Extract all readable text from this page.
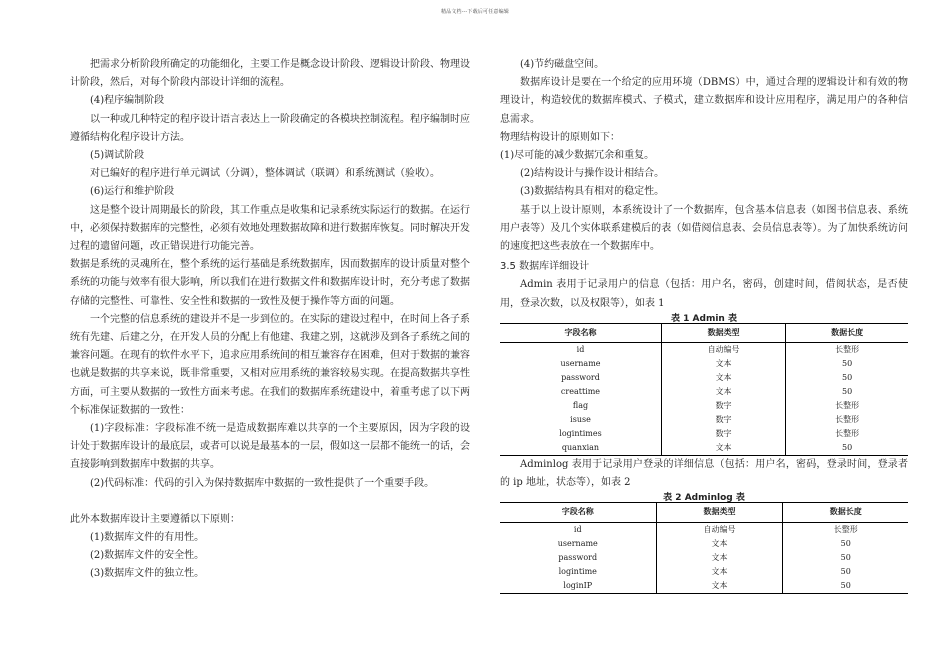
精品文档---下载后可任意编辑

把需求分析阶段所确定的功能细化，主要工作是概念设计阶段、逻辑设计阶段、物理设计阶段，然后，对每个阶段内部设计详细的流程。

(4)程序编制阶段

以一种或几种特定的程序设计语言表达上一阶段确定的各模块控制流程。程序编制时应遵循结构化程序设计方法。

(5)调试阶段

对已编好的程序进行单元调试（分调），整体调试（联调）和系统测试（验收）。

(6)运行和维护阶段

这是整个设计周期最长的阶段，其工作重点是收集和记录系统实际运行的数据。在运行中，必须保持数据库的完整性，必须有效地处理数据故障和进行数据库恢复。同时解决开发过程的遗留问题，改正错误进行功能完善。

数据是系统的灵魂所在，整个系统的运行基础是系统数据库，因而数据库的设计质量对整个系统的功能与效率有很大影响，所以我们在进行数据文件和数据库设计时，充分考虑了数据存储的完整性、可靠性、安全性和数据的一致性及便于操作等方面的问题。

一个完整的信息系统的建设并不是一步到位的。在实际的建设过程中，在时间上各子系统有先建、后建之分，在开发人员的分配上有他建、我建之别，这就涉及到各子系统之间的兼容问题。在现有的软件水平下，追求应用系统间的相互兼容存在困难，但对于数据的兼容也就是数据的共享来说，既非常重要，又相对应用系统的兼容较易实现。在提高数据共享性方面，可主要从数据的一致性方面来考虑。在我们的数据库系统建设中，着重考虑了以下两个标准保证数据的一致性：

(1)字段标准：字段标准不统一是造成数据库难以共享的一个主要原因，因为字段的设计处于数据库设计的最底层，或者可以说是最基本的一层，假如这一层都不能统一的话，会直接影响到数据库中数据的共享。

(2)代码标准：代码的引入为保持数据库中数据的一致性提供了一个重要手段。

此外本数据库设计主要遵循以下原则：

(1)数据库文件的有用性。

(2)数据库文件的安全性。

(3)数据库文件的独立性。

(4)节约磁盘空间。

数据库设计是要在一个给定的应用环境（DBMS）中，通过合理的逻辑设计和有效的物理设计，构造较优的数据库模式、子模式，建立数据库和设计应用程序，满足用户的各种信息需求。

物理结构设计的原则如下：

(1)尽可能的减少数据冗余和重复。

(2)结构设计与操作设计相结合。

(3)数据结构具有相对的稳定性。

基于以上设计原则，本系统设计了一个数据库，包含基本信息表（如图书信息表、系统用户表等）及几个实体联系建模后的表（如借阅信息表、会员信息表等）。为了加快系统访问的速度把这些表放在一个数据库中。

3.5 数据库详细设计

Admin 表用于记录用户的信息（包括：用户名，密码，创建时间，借阅状态，是否使用，登录次数，以及权限等），如表 1

表 1 Admin 表
字段名称	数据类型	数据长度
id	自动编号	长整形
username	文本	50
password	文本	50
creattime	文本	50
flag	数字	长整形
isuse	数字	长整形
logintimes	数字	长整形
quanxian	文本	50

Adminlog 表用于记录用户登录的详细信息（包括：用户名，密码，登录时间，登录者的 ip 地址，状态等），如表 2

表 2 Adminlog 表
字段名称	数据类型	数据长度
id	自动编号	长整形
username	文本	50
password	文本	50
logintime	文本	50
loginIP	文本	50
